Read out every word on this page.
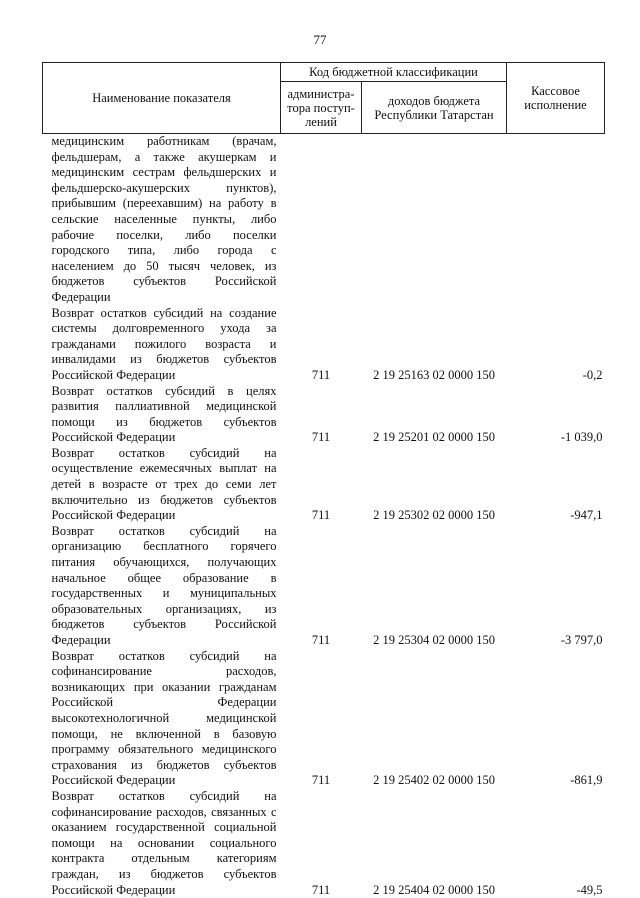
77
Наименование показателя	Код бюджетной классификации		Кассовое исполнение
	администра-тора поступ-лений	доходов бюджета Республики Татарстан	
медицинским работникам (врачам, фельдшерам, а также акушеркам и медицинским сестрам фельдшерских и фельдшерско-акушерских пунктов), прибывшим (переехавшим) на работу в сельские населенные пункты, либо рабочие поселки, либо поселки городского типа, либо города с населением до 50 тысяч человек, из бюджетов субъектов Российской Федерации			
Возврат остатков субсидий на создание системы долговременного ухода за гражданами пожилого возраста и инвалидами из бюджетов субъектов Российской Федерации	711	2 19 25163 02 0000 150	-0,2
Возврат остатков субсидий в целях развития паллиативной медицинской помощи из бюджетов субъектов Российской Федерации	711	2 19 25201 02 0000 150	-1 039,0
Возврат остатков субсидий на осуществление ежемесячных выплат на детей в возрасте от трех до семи лет включительно из бюджетов субъектов Российской Федерации	711	2 19 25302 02 0000 150	-947,1
Возврат остатков субсидий на организацию бесплатного горячего питания обучающихся, получающих начальное общее образование в государственных и муниципальных образовательных организациях, из бюджетов субъектов Российской Федерации	711	2 19 25304 02 0000 150	-3 797,0
Возврат остатков субсидий на софинансирование расходов, возникающих при оказании гражданам Российской Федерации высокотехнологичной медицинской помощи, не включенной в базовую программу обязательного медицинского страхования из бюджетов субъектов Российской Федерации	711	2 19 25402 02 0000 150	-861,9
Возврат остатков субсидий на софинансирование расходов, связанных с оказанием государственной социальной помощи на основании социального контракта отдельным категориям граждан, из бюджетов субъектов Российской Федерации	711	2 19 25404 02 0000 150	-49,5
